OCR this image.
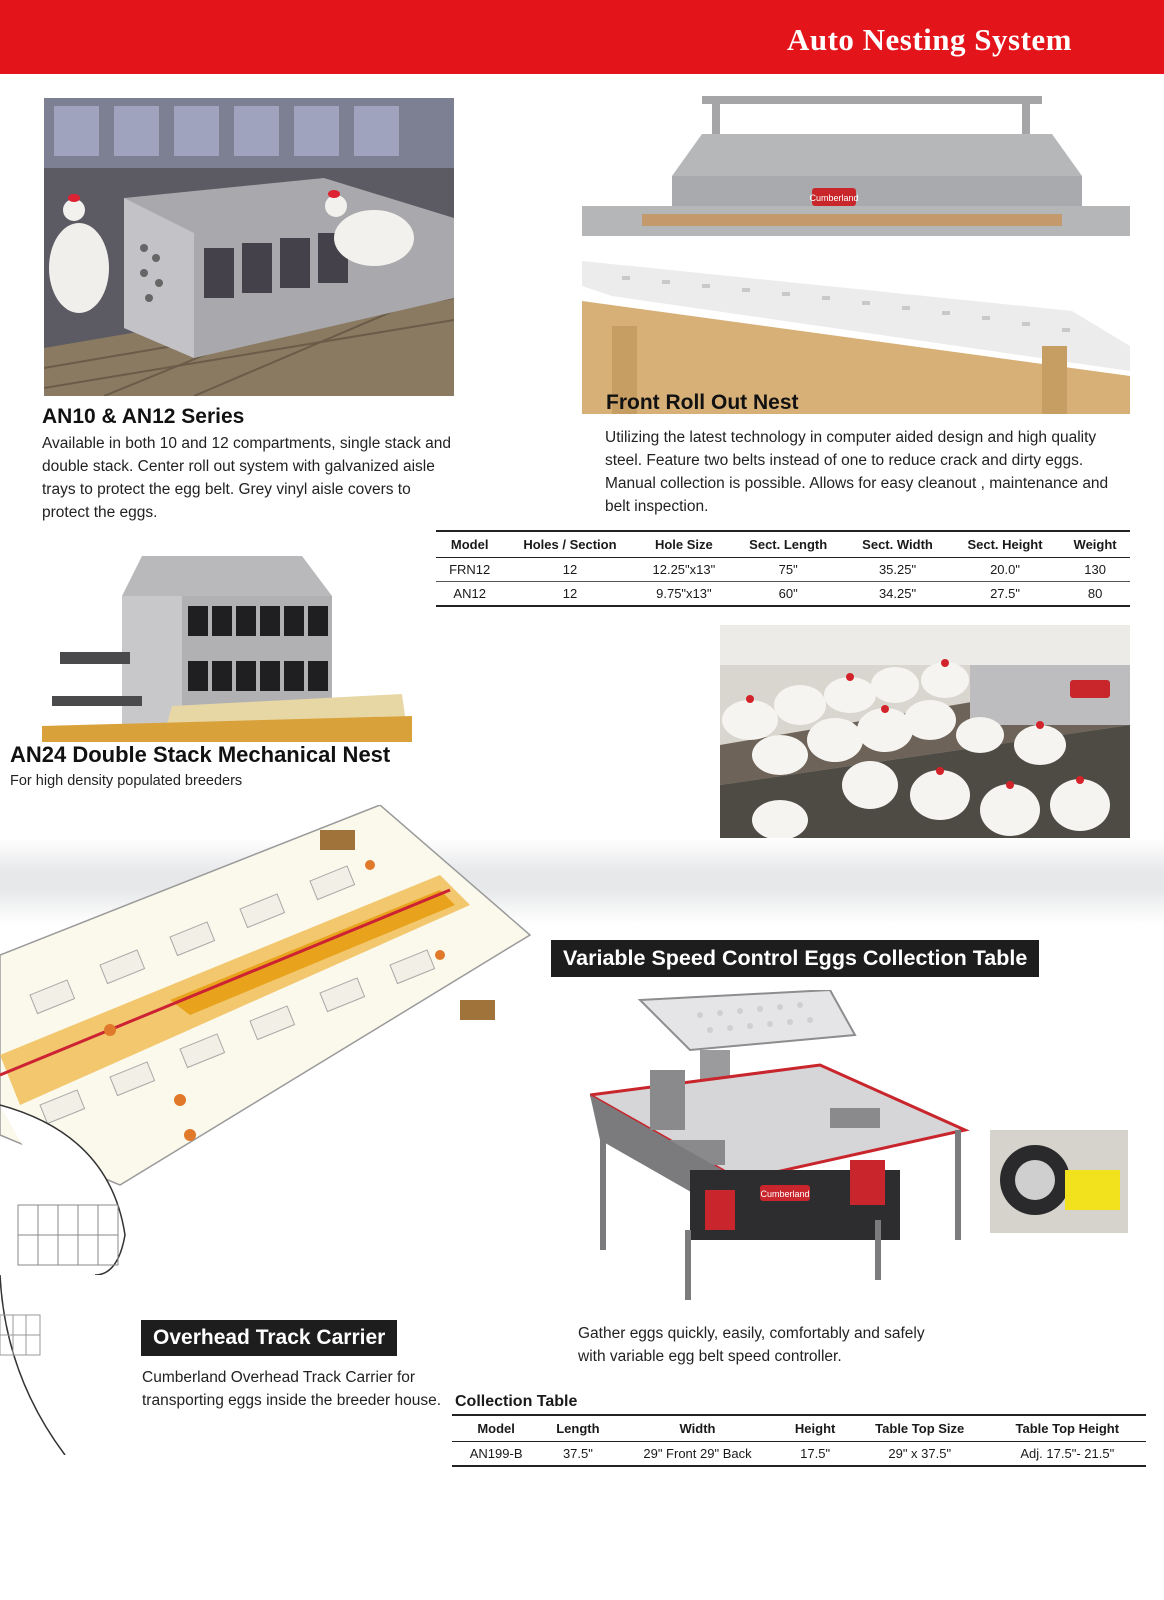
Auto Nesting System
Cumberland
AN10 & AN12 Series
Available in both 10 and 12 compartments, single stack and double stack. Center roll out system with galvanized aisle trays to protect the egg belt. Grey vinyl aisle covers to protect the eggs.
Front Roll Out Nest
Utilizing the latest technology in computer aided design and high quality steel. Feature two belts instead of one to reduce crack and dirty eggs. Manual collection is possible. Allows for easy cleanout , maintenance and belt inspection.
Model	Holes / Section	Hole Size	Sect. Length	Sect. Width	Sect. Height	Weight
FRN12	12	12.25"x13"	75"	35.25"	20.0"	130
AN12	12	9.75"x13"	60"	34.25"	27.5"	80
AN24 Double Stack Mechanical Nest
For high density populated breeders
Variable Speed Control Eggs Collection Table
Cumberland
Gather eggs quickly, easily, comfortably and safely with variable egg belt speed controller.
Overhead Track Carrier
Cumberland Overhead Track Carrier for transporting eggs inside the breeder house. Collection Table
Model	Length	Width	Height	Table Top Size	Table Top Height
AN199-B	37.5"	29" Front 29" Back	17.5"	29" x 37.5"	Adj. 17.5"- 21.5"
